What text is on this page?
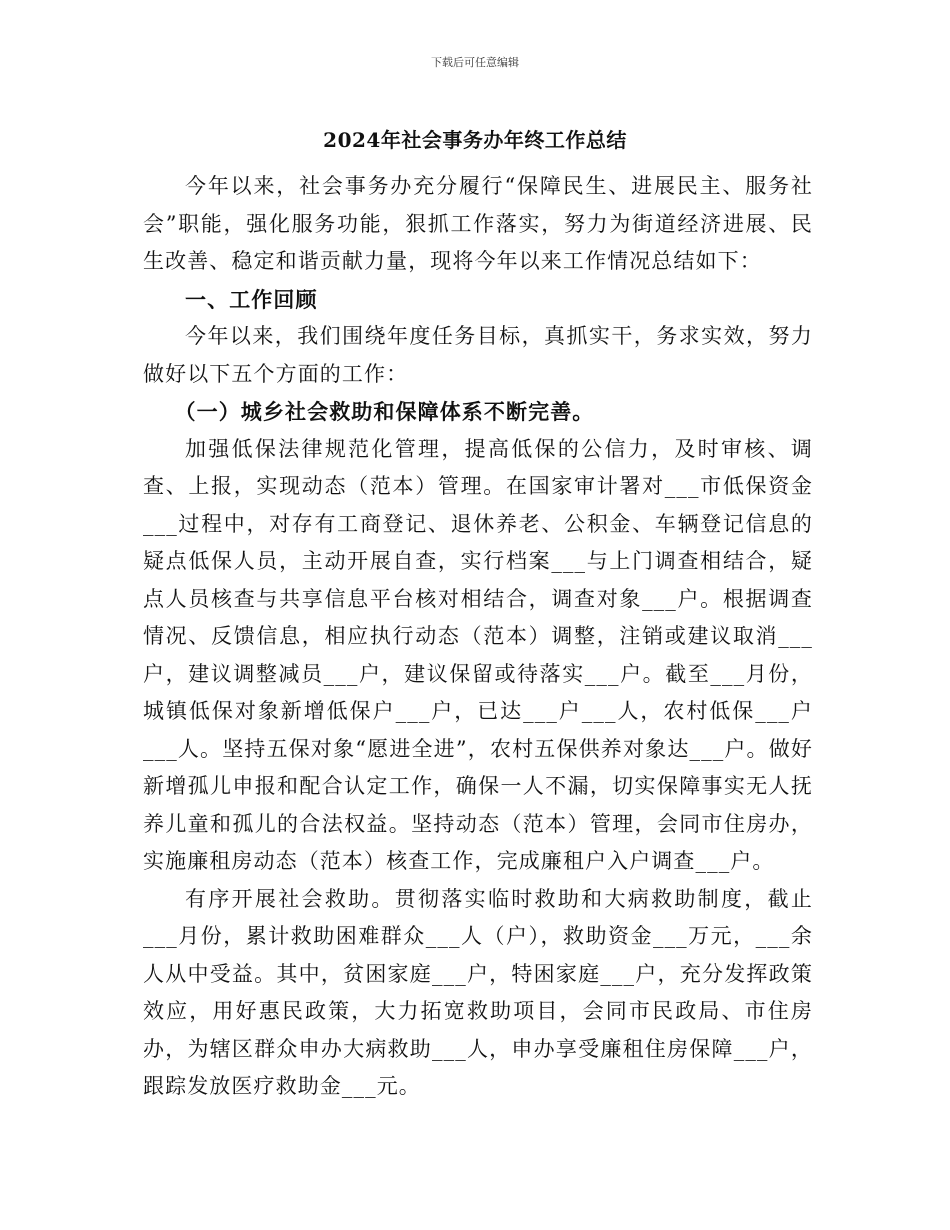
下载后可任意编辑
2024年社会事务办年终工作总结

今年以来，社会事务办充分履行“保障民生、进展民主、服务社会”职能，强化服务功能，狠抓工作落实，努力为街道经济进展、民生改善、稳定和谐贡献力量，现将今年以来工作情况总结如下：

一、工作回顾

今年以来，我们围绕年度任务目标，真抓实干，务求实效，努力做好以下五个方面的工作：

（一）城乡社会救助和保障体系不断完善。

加强低保法律规范化管理，提高低保的公信力，及时审核、调查、上报，实现动态（范本）管理。在国家审计署对___市低保资金___过程中，对存有工商登记、退休养老、公积金、车辆登记信息的疑点低保人员，主动开展自查，实行档案___与上门调查相结合，疑点人员核查与共享信息平台核对相结合，调查对象___户。根据调查情况、反馈信息，相应执行动态（范本）调整，注销或建议取消___户，建议调整减员___户，建议保留或待落实___户。截至___月份，城镇低保对象新增低保户___户，已达___户___人，农村低保___户___人。坚持五保对象“愿进全进”，农村五保供养对象达___户。做好新增孤儿申报和配合认定工作，确保一人不漏，切实保障事实无人抚养儿童和孤儿的合法权益。坚持动态（范本）管理，会同市住房办，实施廉租房动态（范本）核查工作，完成廉租户入户调查___户。

有序开展社会救助。贯彻落实临时救助和大病救助制度，截止___月份，累计救助困难群众___人（户），救助资金___万元，___余人从中受益。其中，贫困家庭___户，特困家庭___户，充分发挥政策效应，用好惠民政策，大力拓宽救助项目，会同市民政局、市住房办，为辖区群众申办大病救助___人，申办享受廉租住房保障___户，跟踪发放医疗救助金___元。
